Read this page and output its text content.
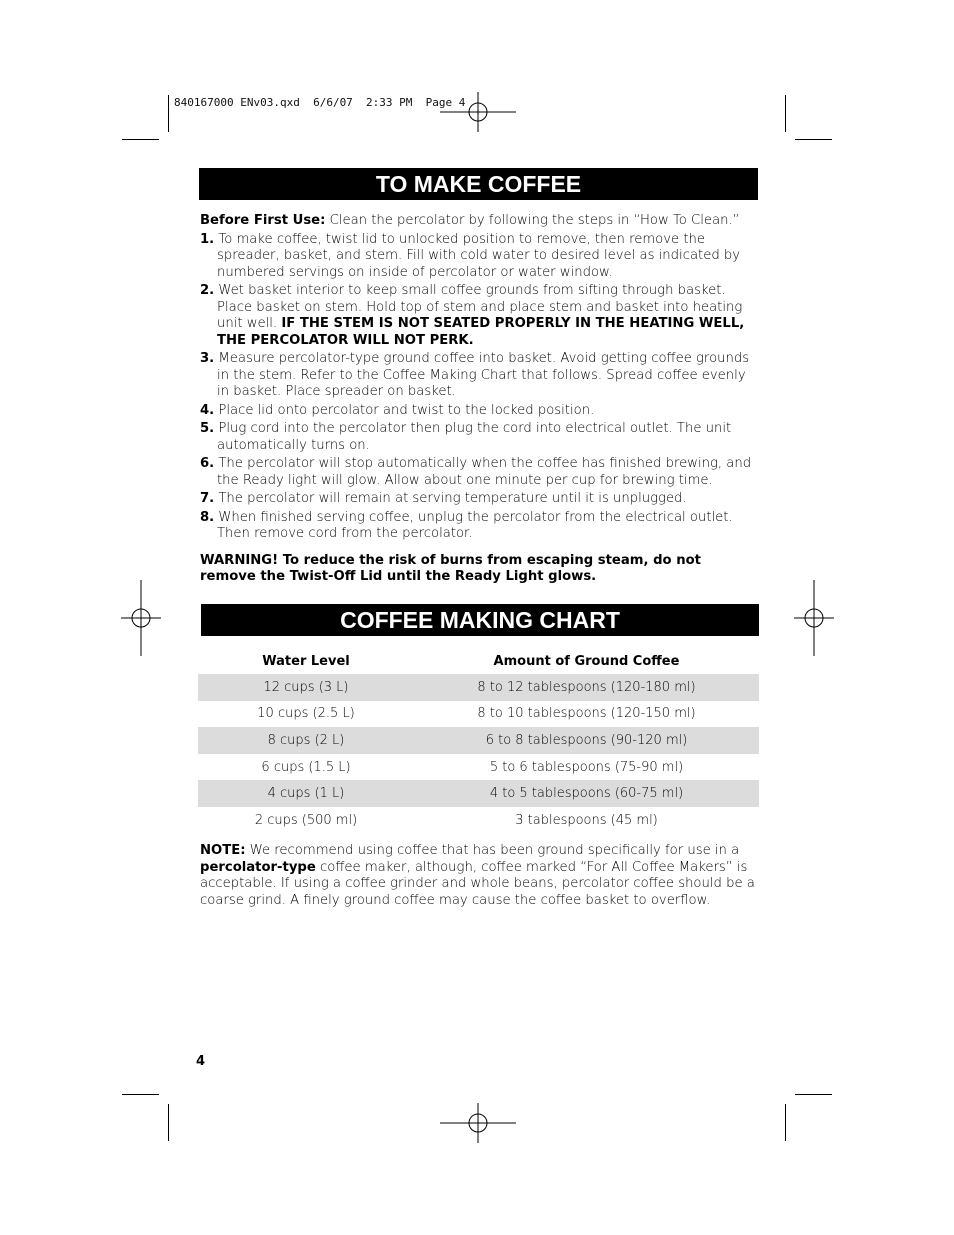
840167000 ENv03.qxd  6/6/07  2:33 PM  Page 4
TO MAKE COFFEE

Before First Use: Clean the percolator by following the steps in “How To Clean.”

1. To make coffee, twist lid to unlocked position to remove, then remove the spreader, basket, and stem. Fill with cold water to desired level as indicated by numbered servings on inside of percolator or water window.
2. Wet basket interior to keep small coffee grounds from sifting through basket. Place basket on stem. Hold top of stem and place stem and basket into heating unit well. IF THE STEM IS NOT SEATED PROPERLY IN THE HEATING WELL, THE PERCOLATOR WILL NOT PERK.
3. Measure percolator-type ground coffee into basket. Avoid getting coffee grounds in the stem. Refer to the Coffee Making Chart that follows. Spread coffee evenly in basket. Place spreader on basket.
4. Place lid onto percolator and twist to the locked position.
5. Plug cord into the percolator then plug the cord into electrical outlet. The unit automatically turns on.
6. The percolator will stop automatically when the coffee has finished brewing, and the Ready light will glow. Allow about one minute per cup for brewing time.
7. The percolator will remain at serving temperature until it is unplugged.
8. When finished serving coffee, unplug the percolator from the electrical outlet. Then remove cord from the percolator.

WARNING! To reduce the risk of burns from escaping steam, do not remove the Twist-Off Lid until the Ready Light glows.

COFFEE MAKING CHART
Water Level	Amount of Ground Coffee
12 cups (3 L)	8 to 12 tablespoons (120-180 ml)
10 cups (2.5 L)	8 to 10 tablespoons (120-150 ml)
8 cups (2 L)	6 to 8 tablespoons (90-120 ml)
6 cups (1.5 L)	5 to 6 tablespoons (75-90 ml)
4 cups (1 L)	4 to 5 tablespoons (60-75 ml)
2 cups (500 ml)	3 tablespoons (45 ml)

NOTE: We recommend using coffee that has been ground specifically for use in a percolator-type coffee maker, although, coffee marked “For All Coffee Makers” is acceptable. If using a coffee grinder and whole beans, percolator coffee should be a coarse grind. A finely ground coffee may cause the coffee basket to overflow.

4
